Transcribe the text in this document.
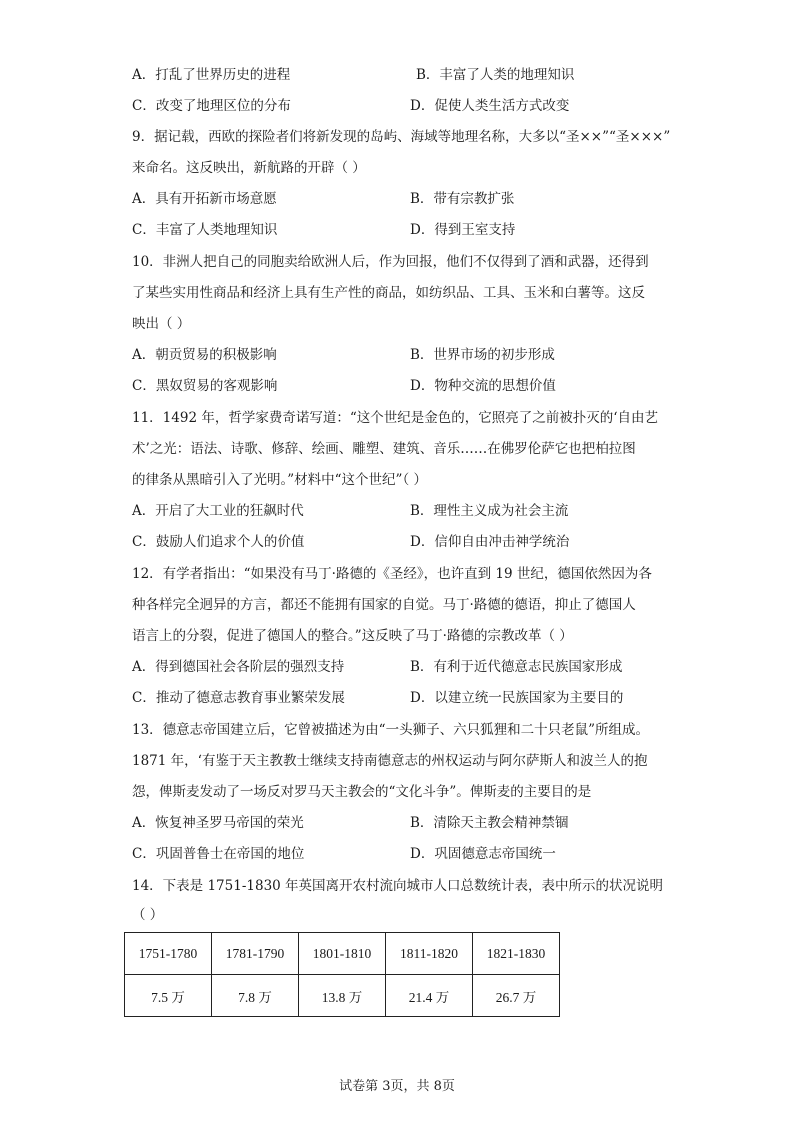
A．打乱了世界历史的进程	B．丰富了人类的地理知识
C．改变了地理区位的分布	D．促使人类生活方式改变
9．据记载，西欧的探险者们将新发现的岛屿、海域等地理名称，大多以“圣××”“圣×××”
来命名。这反映出，新航路的开辟（ ）
A．具有开拓新市场意愿	B．带有宗教扩张
C．丰富了人类地理知识	D．得到王室支持
10．非洲人把自己的同胞卖给欧洲人后，作为回报，他们不仅得到了酒和武器，还得到
了某些实用性商品和经济上具有生产性的商品，如纺织品、工具、玉米和白薯等。这反
映出（ ）
A．朝贡贸易的积极影响	B．世界市场的初步形成
C．黑奴贸易的客观影响	D．物种交流的思想价值
11．1492 年，哲学家费奇诺写道：“这个世纪是金色的，它照亮了之前被扑灭的‘自由艺
术’之光：语法、诗歌、修辞、绘画、雕塑、建筑、音乐……在佛罗伦萨它也把柏拉图
的律条从黑暗引入了光明。”材料中“这个世纪”（ ）
A．开启了大工业的狂飙时代	B．理性主义成为社会主流
C．鼓励人们追求个人的价值	D．信仰自由冲击神学统治
12．有学者指出：“如果没有马丁·路德的《圣经》，也许直到 19 世纪，德国依然因为各
种各样完全迥异的方言，都还不能拥有国家的自觉。马丁·路德的德语，抑止了德国人
语言上的分裂，促进了德国人的整合。”这反映了马丁·路德的宗教改革（ ）
A．得到德国社会各阶层的强烈支持	B．有利于近代德意志民族国家形成
C．推动了德意志教育事业繁荣发展	D．以建立统一民族国家为主要目的
13．德意志帝国建立后，它曾被描述为由“一头狮子、六只狐狸和二十只老鼠”所组成。
1871 年，‘有鉴于天主教教士继续支持南德意志的州权运动与阿尔萨斯人和波兰人的抱
怨，俾斯麦发动了一场反对罗马天主教会的“文化斗争”。俾斯麦的主要目的是
A．恢复神圣罗马帝国的荣光	B．清除天主教会精神禁锢
C．巩固普鲁士在帝国的地位	D．巩固德意志帝国统一
14．下表是 1751-1830 年英国离开农村流向城市人口总数统计表，表中所示的状况说明
（ ）
1751-1780	1781-1790	1801-1810	1811-1820	1821-1830
7.5 万	7.8 万	13.8 万	21.4 万	26.7 万
试卷第 3页，共 8页
